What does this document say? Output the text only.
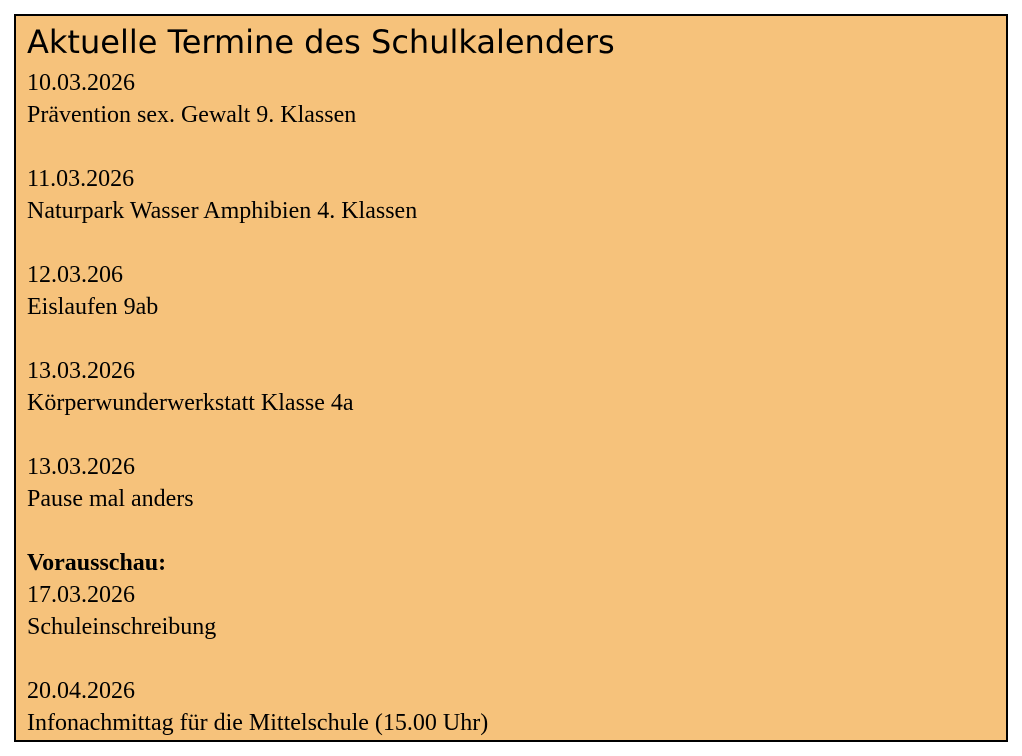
Aktuelle Termine des Schulkalenders
10.03.2026
Prävention sex. Gewalt 9. Klassen
11.03.2026
Naturpark Wasser Amphibien 4. Klassen
12.03.206
Eislaufen 9ab
13.03.2026
Körperwunderwerkstatt Klasse 4a
13.03.2026
Pause mal anders
Vorausschau:
17.03.2026
Schuleinschreibung
20.04.2026
Infonachmittag für die Mittelschule (15.00 Uhr)
